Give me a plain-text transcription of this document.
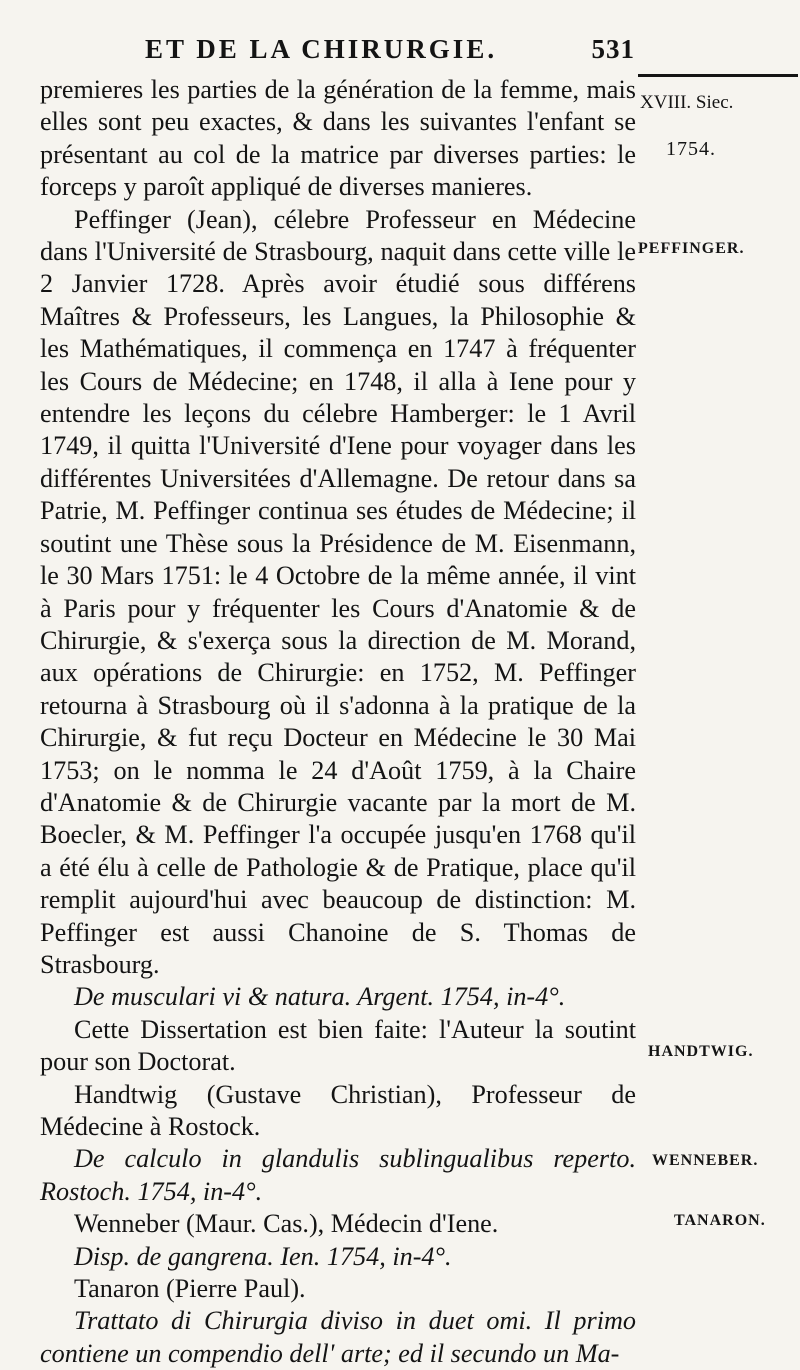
ET DE LA CHIRURGIE.	531
XVIII. Siec.
1754.
PEFFINGER.
HANDTWIG.
WENNEBER.
TANARON.

premieres les parties de la génération de la femme, mais elles sont peu exactes, & dans les suivantes l'enfant se présentant au col de la matrice par diverses parties: le forceps y paroît appliqué de diverses manieres.

Peffinger (Jean), célebre Professeur en Médecine dans l'Université de Strasbourg, naquit dans cette ville le 2 Janvier 1728. Après avoir étudié sous différens Maîtres & Professeurs, les Langues, la Philosophie & les Mathématiques, il commença en 1747 à fréquenter les Cours de Médecine; en 1748, il alla à Iene pour y entendre les leçons du célebre Hamberger: le 1 Avril 1749, il quitta l'Université d'Iene pour voyager dans les différentes Universitées d'Allemagne. De retour dans sa Patrie, M. Peffinger continua ses études de Médecine; il soutint une Thèse sous la Présidence de M. Eisenmann, le 30 Mars 1751: le 4 Octobre de la même année, il vint à Paris pour y fréquenter les Cours d'Anatomie & de Chirurgie, & s'exerça sous la direction de M. Morand, aux opérations de Chirurgie: en 1752, M. Peffinger retourna à Strasbourg où il s'adonna à la pratique de la Chirurgie, & fut reçu Docteur en Médecine le 30 Mai 1753; on le nomma le 24 d'Août 1759, à la Chaire d'Anatomie & de Chirurgie vacante par la mort de M. Boecler, & M. Peffinger l'a occupée jusqu'en 1768 qu'il a été élu à celle de Pathologie & de Pratique, place qu'il remplit aujourd'hui avec beaucoup de distinction: M. Peffinger est aussi Chanoine de S. Thomas de Strasbourg.

De musculari vi & natura. Argent. 1754, in-4°.

Cette Dissertation est bien faite: l'Auteur la soutint pour son Doctorat.

Handtwig (Gustave Christian), Professeur de Médecine à Rostock.

De calculo in glandulis sublingualibus reperto. Rostoch. 1754, in-4°.

Wenneber (Maur. Cas.), Médecin d'Iene.

Disp. de gangrena. Ien. 1754, in-4°.

Tanaron (Pierre Paul).

Trattato di Chirurgia diviso in duet omi. Il primo contiene un compendio dell' arte; ed il secundo un Ma-
